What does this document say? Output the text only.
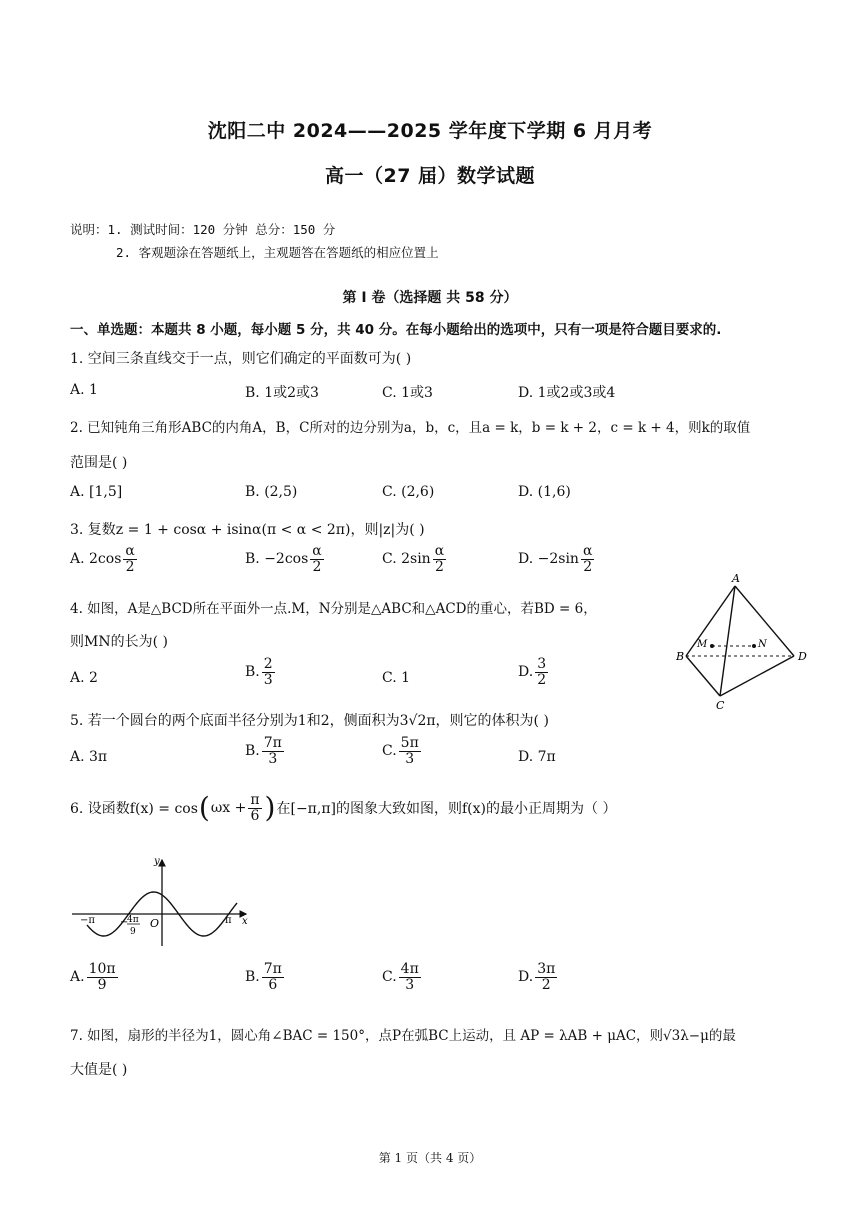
沈阳二中 2024——2025 学年度下学期 6 月月考
高一（27 届）数学试题
说明：1. 测试时间：120 分钟 总分：150 分
2. 客观题涂在答题纸上，主观题答在答题纸的相应位置上
第 I 卷（选择题 共 58 分）
一、单选题：本题共 8 小题，每小题 5 分，共 40 分。在每小题给出的选项中，只有一项是符合题目要求的.
1. 空间三条直线交于一点，则它们确定的平面数可为( )
A. 1	B. 1或2或3	C. 1或3	D. 1或2或3或4
2. 已知钝角三角形ABC的内角A，B，C所对的边分别为a，b，c，且a = k，b = k + 2，c = k + 4，则k的取值
范围是( )
A. [1,5]	B. (2,5)	C. (2,6)	D. (1,6)
3. 复数z = 1 + cosα + isinα(π < α < 2π)，则|z|为( )
A. $2\cos \frac{\alpha}{2}$	B. $-2\cos \frac{\alpha}{2}$	C. $2\sin \frac{\alpha}{2}$	D. $-2\sin \frac{\alpha}{2}$
4. 如图，A是△BCD所在平面外一点.M，N分别是△ABC和△ACD的重心，若BD = 6，
则MN的长为( )
A. 2	B. $\frac{2}{3}$	C. 1	D. $\frac{3}{2}$
A
B
C
D
M	N
5. 若一个圆台的两个底面半径分别为1和2，侧面积为3√2π，则它的体积为( )
A. 3π	B. $\frac{7\pi}{3}$	C. $\frac{5\pi}{3}$	D. 7π
6. 设函数f(x) = cos ( $\omega x + \frac{\pi}{6}$ ) 在[−π,π]的图象大致如图，则f(x)的最小正周期为（ ）
y
x
−π	π
O
−
4π
9
A. $\frac{10\pi}{9}$	B. $\frac{7\pi}{6}$	C. $\frac{4\pi}{3}$	D. $\frac{3\pi}{2}$
7. 如图，扇形的半径为1，圆心角∠BAC = 150°，点P在弧BC上运动，且 AP = λAB + μAC，则√3λ−μ的最
大值是( )
第 1 页（共 4 页）
